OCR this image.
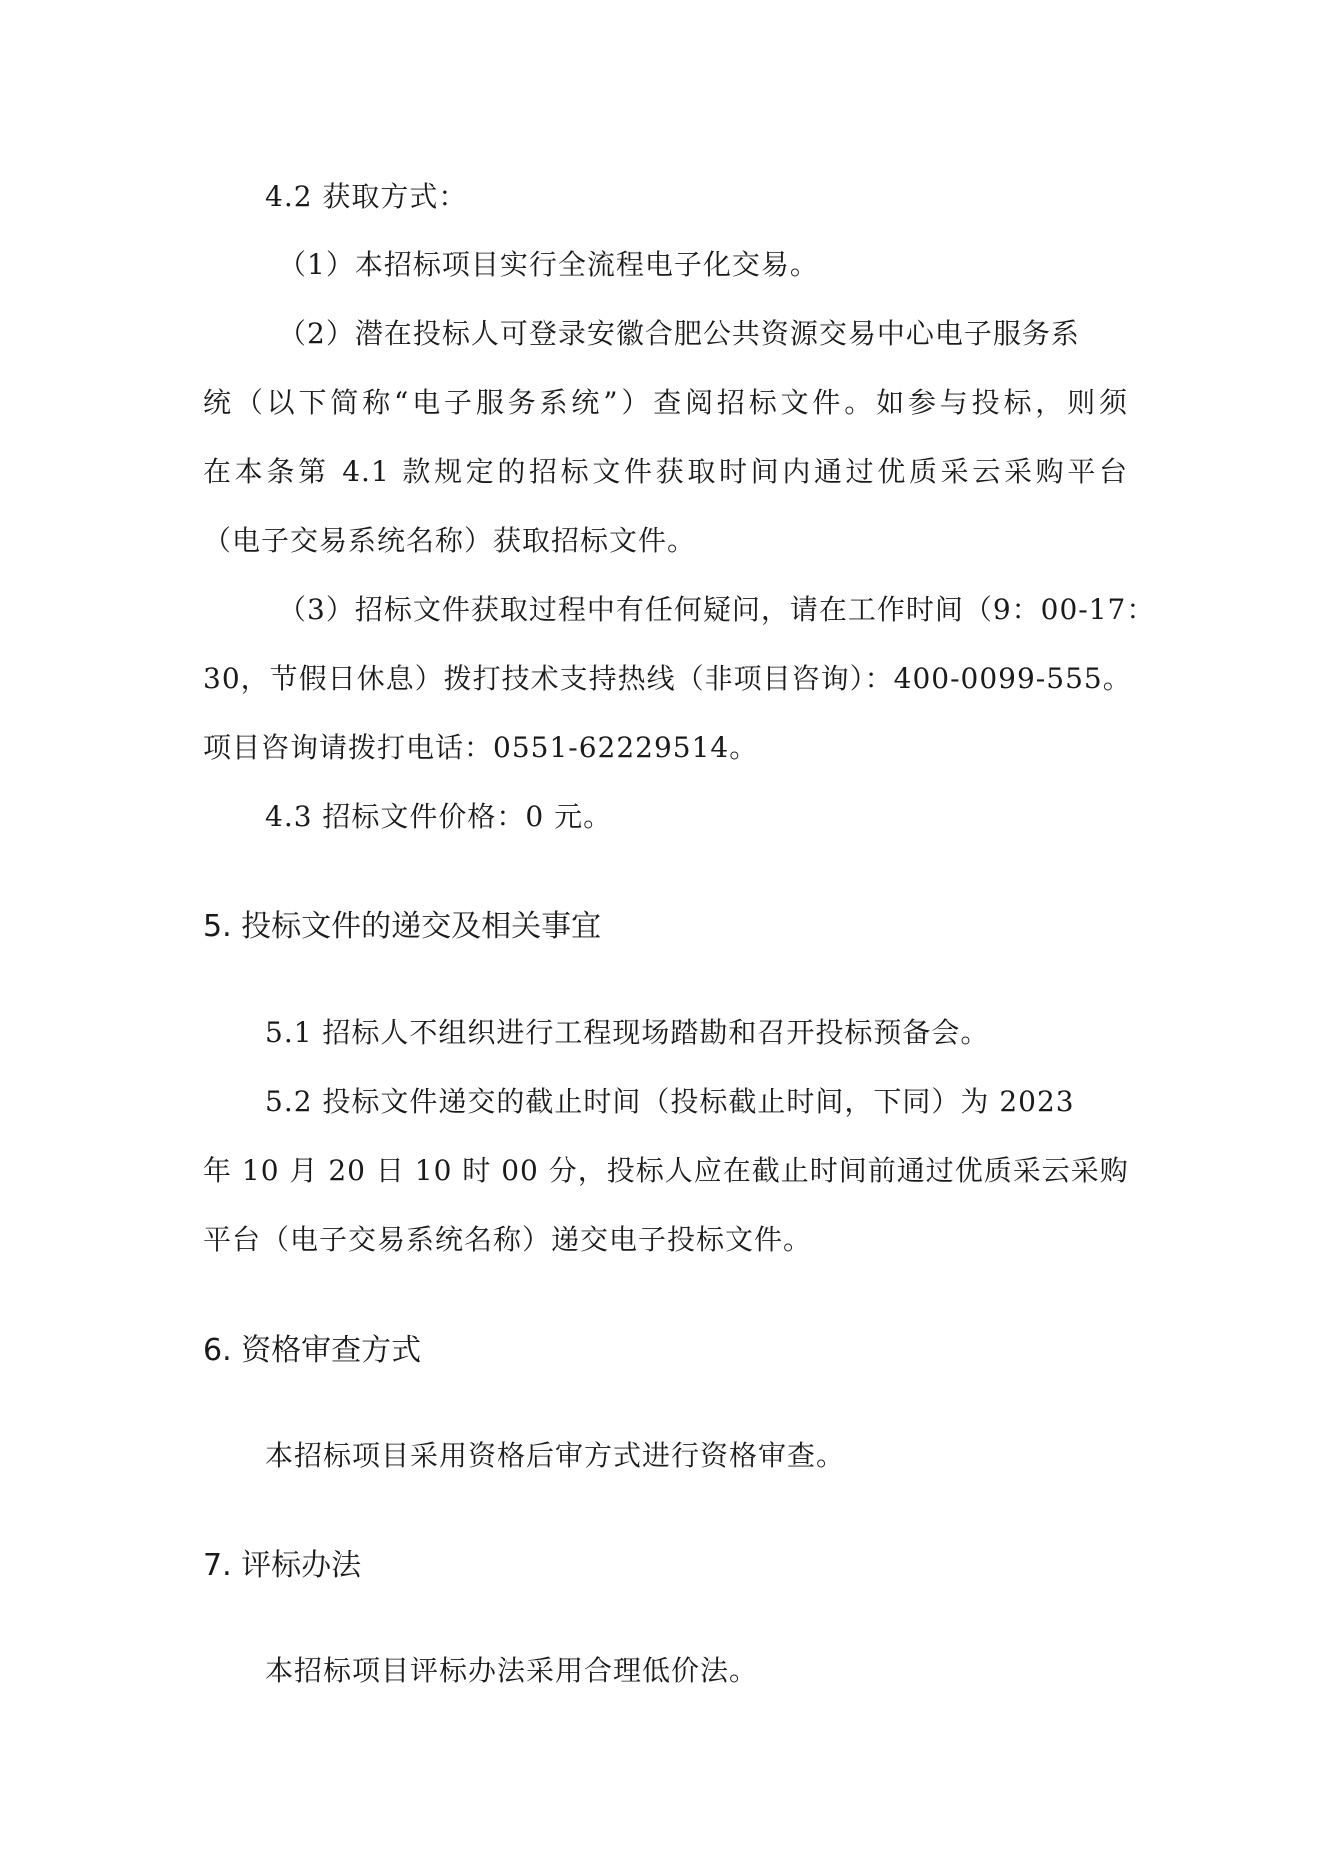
4.2 获取方式：
（1）本招标项目实行全流程电子化交易。
（2）潜在投标人可登录安徽合肥公共资源交易中心电子服务系
统（以下简称“电子服务系统”）查阅招标文件。如参与投标，则须
在本条第 4.1 款规定的招标文件获取时间内通过优质采云采购平台
（电子交易系统名称）获取招标文件。
（3）招标文件获取过程中有任何疑问，请在工作时间（9：00-17：
30，节假日休息）拨打技术支持热线（非项目咨询）：400-0099-555。
项目咨询请拨打电话：0551-62229514。
4.3 招标文件价格：0 元。
5. 投标文件的递交及相关事宜
5.1 招标人不组织进行工程现场踏勘和召开投标预备会。
5.2 投标文件递交的截止时间（投标截止时间，下同）为 2023
年 10 月 20 日 10 时 00 分，投标人应在截止时间前通过优质采云采购
平台（电子交易系统名称）递交电子投标文件。
6. 资格审查方式
本招标项目采用资格后审方式进行资格审查。
7. 评标办法
本招标项目评标办法采用合理低价法。
